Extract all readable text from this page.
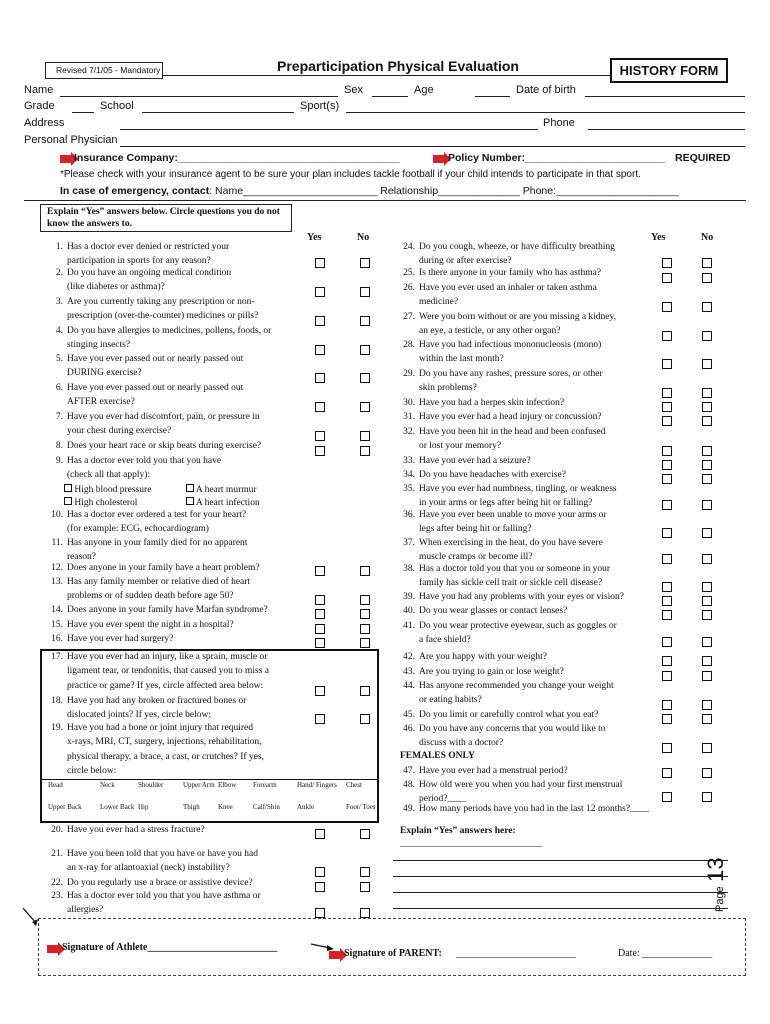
Revised 7/1/05 - Mandatory	Preparticipation Physical Evaluation	HISTORY FORM
Name	Sex	Age	Date of birth
Grade	School	Sport(s)
Address	Phone
Personal Physician
Insurance Company:______________________________________	Policy Number:________________________ REQUIRED
*Please check with your insurance agent to be sure your plan includes tackle football if your child intends to participate in that sport.
In case of emergency, contact: Name_______________________ Relationship______________ Phone:_____________________
Explain “Yes” answers below. Circle questions you do not know the answers to.
Yes	No	Yes	No
1. Has a doctor ever denied or restricted your
participation in sports for any reason?
2. Do you have an ongoing medical condition
(like diabetes or asthma)?
3. Are you currently taking any prescription or non-
prescription (over-the-counter) medicines or pills?
4. Do you have allergies to medicines, pollens, foods, or
stinging insects?
5. Have you ever passed out or nearly passed out
DURING exercise?
6. Have you ever passed out or nearly passed out
AFTER exercise?
7. Have you ever had discomfort, pain, or pressure in
your chest during exercise?
8. Does your heart race or skip beats during exercise?
9. Has a doctor ever told you that you have
(check all that apply):
10. Has a doctor ever ordered a test for your heart?
(for example: ECG, echocardiogram)
11. Has anyone in your family died for no apparent
reason?
12. Does anyone in your family have a heart problem?
13. Has any family member or relative died of heart
problems or of sudden death before age 50?
14. Does anyone in your family have Marfan syndrome?
15. Have you ever spent the night in a hospital?
16. Have you ever had surgery?
17. Have you ever had an injury, like a sprain, muscle or
ligament tear, or tendonitis, that caused you to miss a
practice or game? If yes, circle affected area below:
18. Have you had any broken or fractured bones or
dislocated joints? If yes, circle below:
19. Have you had a bone or joint injury that required
x-rays, MRI, CT, surgery, injections, rehabilitation,
physical therapy, a brace, a cast, or crutches? If yes,
circle below:
20. Have you ever had a stress fracture?
21. Have you been told that you have or have you had
an x-ray for atlantoaxial (neck) instability?
22. Do you regularly use a brace or assistive device?
23. Has a doctor ever told you that you have asthma or
allergies?
24. Do you cough, wheeze, or have difficulty breathing
during or after exercise?
25. Is there anyone in your family who has asthma?
26. Have you ever used an inhaler or taken asthma
medicine?
27. Were you born without or are you missing a kidney,
an eye, a testicle, or any other organ?
28. Have you had infectious mononucleosis (mono)
within the last month?
29. Do you have any rashes, pressure sores, or other
skin problems?
30. Have you had a herpes skin infection?
31. Have you ever had a head injury or concussion?
32. Have you been hit in the head and been confused
or lost your memory?
33. Have you ever had a seizure?
34. Do you have headaches with exercise?
35. Have you ever had numbness, tingling, or weakness
in your arms or legs after being hit or falling?
36. Have you ever been unable to move your arms or
legs after being hit or falling?
37. When exercising in the heat, do you have severe
muscle cramps or become ill?
38. Has a doctor told you that you or someone in your
family has sickle cell trait or sickle cell disease?
39. Have you had any problems with your eyes or vision?
40. Do you wear glasses or contact lenses?
41. Do you wear protective eyewear, such as goggles or
a face shield?
42. Are you happy with your weight?
43. Are you trying to gain or lose weight?
44. Has anyone recommended you change your weight
or eating habits?
45. Do you limit or carefully control what you eat?
46. Do you have any concerns that you would like to
discuss with a doctor?
47. Have you ever had a menstrual period?
48. How old were you when you had your first menstrual
period?____
49. How many periods have you had in the last 12 months?____
High blood pressure	A heart murmur
High cholesterol	A heart infection
Head	Neck	Shoulder	Upper Arm Elbow	Forearm	Hand/ Fingers Chest
Upper Back	Lower Back Hip	Thigh	Knee	Calf/Shin	Ankle	Foot/ Toes
FEMALES ONLY
Explain “Yes” answers here:
______________________________
Signature of Athlete__________________________
Signature of PARENT: ________________________	Date: ______________
Page 13
